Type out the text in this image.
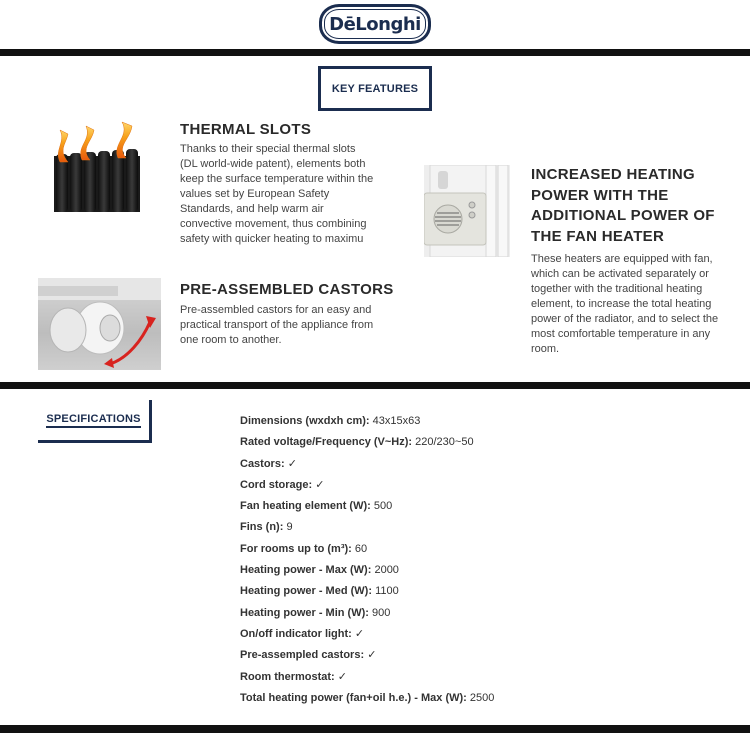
DēLonghi
KEY FEATURES
THERMAL SLOTS
Thanks to their special thermal slots (DL world-wide patent), elements both keep the surface temperature within the values set by European Safety Standards, and help warm air convective movement, thus combining safety with quicker heating to maximu
PRE-ASSEMBLED CASTORS
Pre-assembled castors for an easy and practical transport of the appliance from one room to another.
INCREASED HEATING POWER WITH THE ADDITIONAL POWER OF THE FAN HEATER
These heaters are equipped with fan, which can be activated separately or together with the traditional heating element, to increase the total heating power of the radiator, and to select the most comfortable temperature in any room.
SPECIFICATIONS	Dimensions (wxdxh cm): 43x15x63
Rated voltage/Frequency (V~Hz): 220/230~50
Castors: ✓
Cord storage: ✓
Fan heating element (W): 500
Fins (n): 9
For rooms up to (m³): 60
Heating power - Max (W): 2000
Heating power - Med (W): 1100
Heating power - Min (W): 900
On/off indicator light: ✓
Pre-assempled castors: ✓
Room thermostat: ✓
Total heating power (fan+oil h.e.) - Max (W): 2500
